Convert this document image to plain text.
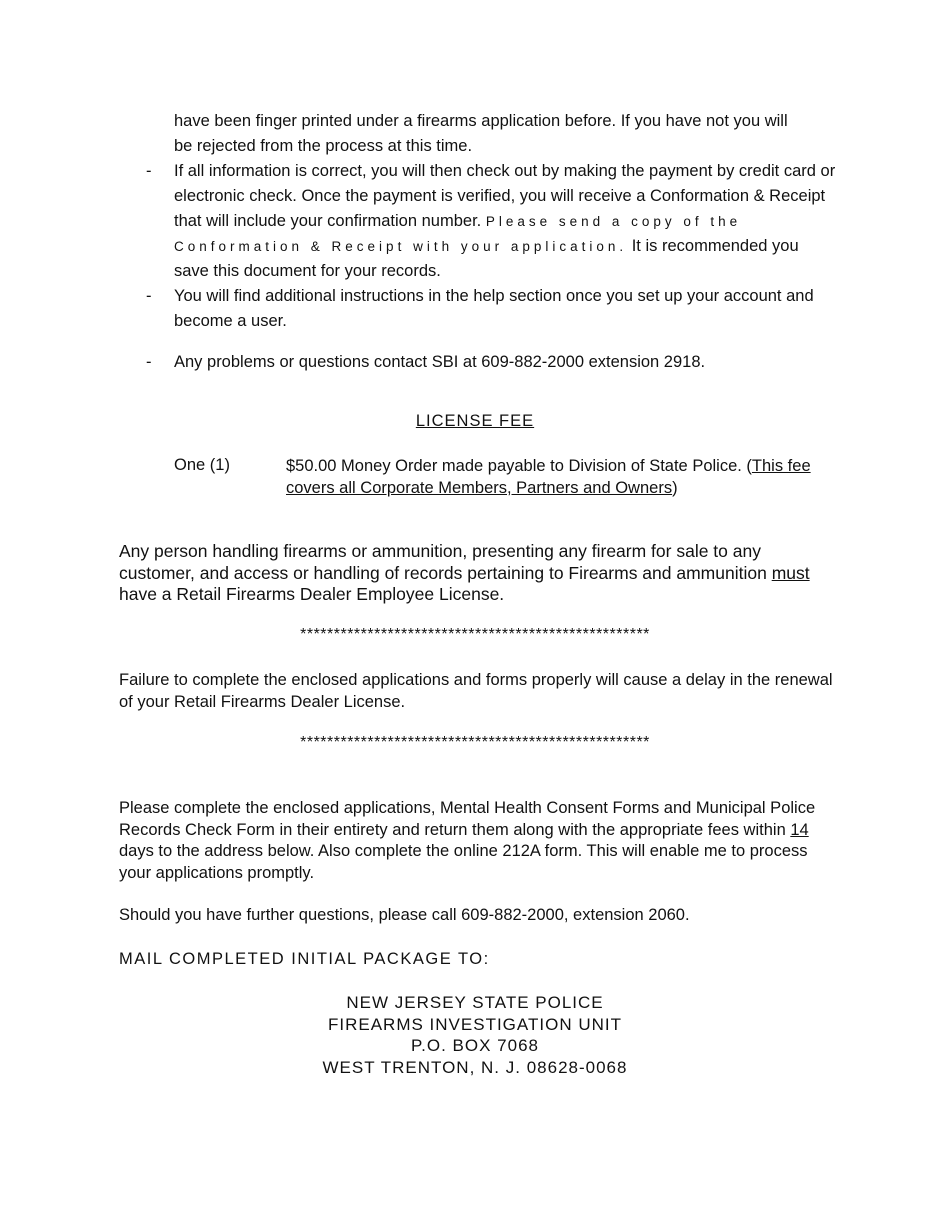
have been finger printed under a firearms application before. If you have not you will
be rejected from the process at this time.
- If all information is correct, you will then check out by making the payment by credit card or electronic check. Once the payment is verified, you will receive a Conformation & Receipt that will include your confirmation number. Please send a copy of the Conformation & Receipt with your application. It is recommended you save this document for your records.
- You will find additional instructions in the help section once you set up your account and become a user.
- Any problems or questions contact SBI at 609-882-2000 extension 2918.
LICENSE FEE
One (1)	$50.00 Money Order made payable to Division of State Police. (This fee covers all Corporate Members, Partners and Owners)
Any person handling firearms or ammunition, presenting any firearm for sale to any customer, and access or handling of records pertaining to Firearms and ammunition must have a Retail Firearms Dealer Employee License.
****************************************************
Failure to complete the enclosed applications and forms properly will cause a delay in the renewal of your Retail Firearms Dealer License.
****************************************************
Please complete the enclosed applications, Mental Health Consent Forms and Municipal Police Records Check Form in their entirety and return them along with the appropriate fees within 14 days to the address below. Also complete the online 212A form. This will enable me to process your applications promptly.
Should you have further questions, please call 609-882-2000, extension 2060.
MAIL COMPLETED INITIAL PACKAGE TO:
NEW JERSEY STATE POLICE
FIREARMS INVESTIGATION UNIT
P.O. BOX 7068
WEST TRENTON, N. J. 08628-0068
